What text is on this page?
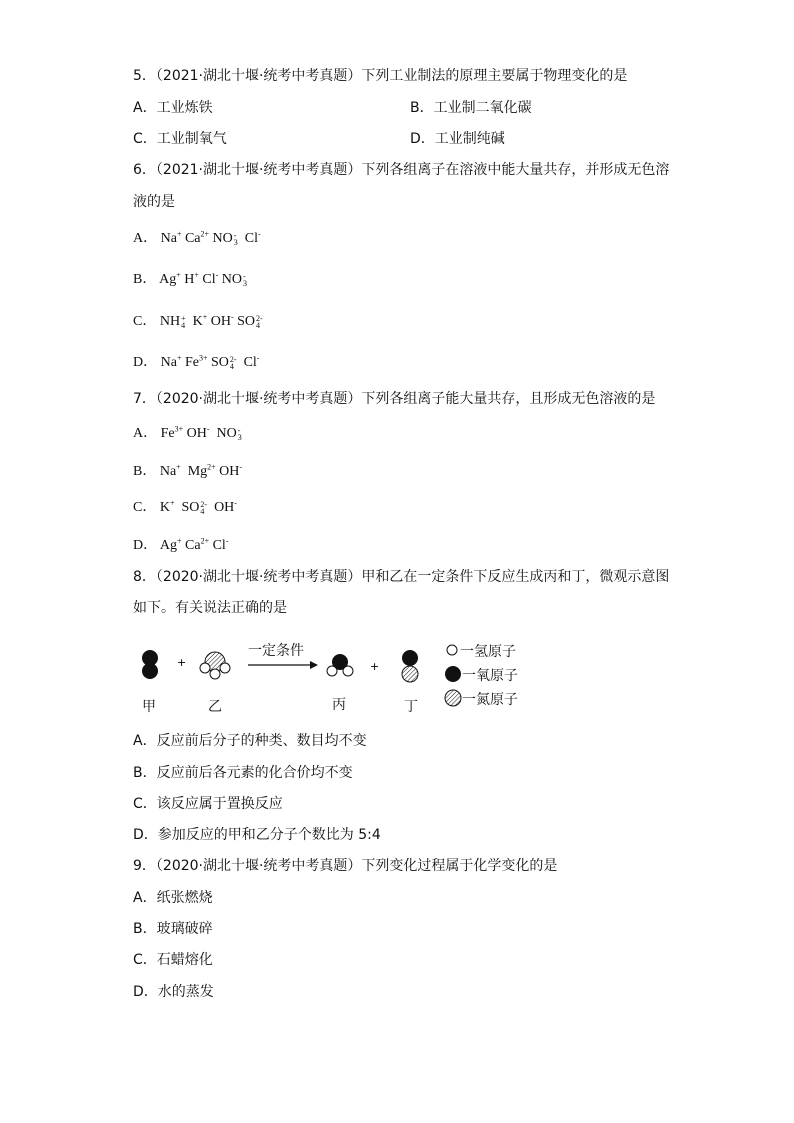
5．（2021·湖北十堰·统考中考真题）下列工业制法的原理主要属于物理变化的是
A．工业炼铁	B．工业制二氧化碳
C．工业制氧气	D．工业制纯碱
6．（2021·湖北十堰·统考中考真题）下列各组离子在溶液中能大量共存，并形成无色溶
液的是
A． Na+ $Ca^{2+}$ NO -
3 Cl-
B． Ag+ H+ Cl- NO -
3
C． NH +
4 K+ OH- SO 2-
4
D． Na+ $Fe^{3+}$ SO 2-
4 Cl-
7．（2020·湖北十堰·统考中考真题）下列各组离子能大量共存，且形成无色溶液的是
A． $Fe^{3+}$ OH- NO -
3
B． Na+ $Mg^{2+}$ OH-
C． K+ SO 2-
4 OH-
D． Ag+ $Ca^{2+}$ Cl-
8．（2020·湖北十堰·统考中考真题）甲和乙在一定条件下反应生成丙和丁，微观示意图
如下。有关说法正确的是
+	+
一定条件
甲	乙	丙	丁
一氢原子
一氧原子
一氮原子
A．反应前后分子的种类、数目均不变
B．反应前后各元素的化合价均不变
C．该反应属于置换反应
D．参加反应的甲和乙分子个数比为 5:4
9．（2020·湖北十堰·统考中考真题）下列变化过程属于化学变化的是
A．纸张燃烧
B．玻璃破碎
C．石蜡熔化
D．水的蒸发
